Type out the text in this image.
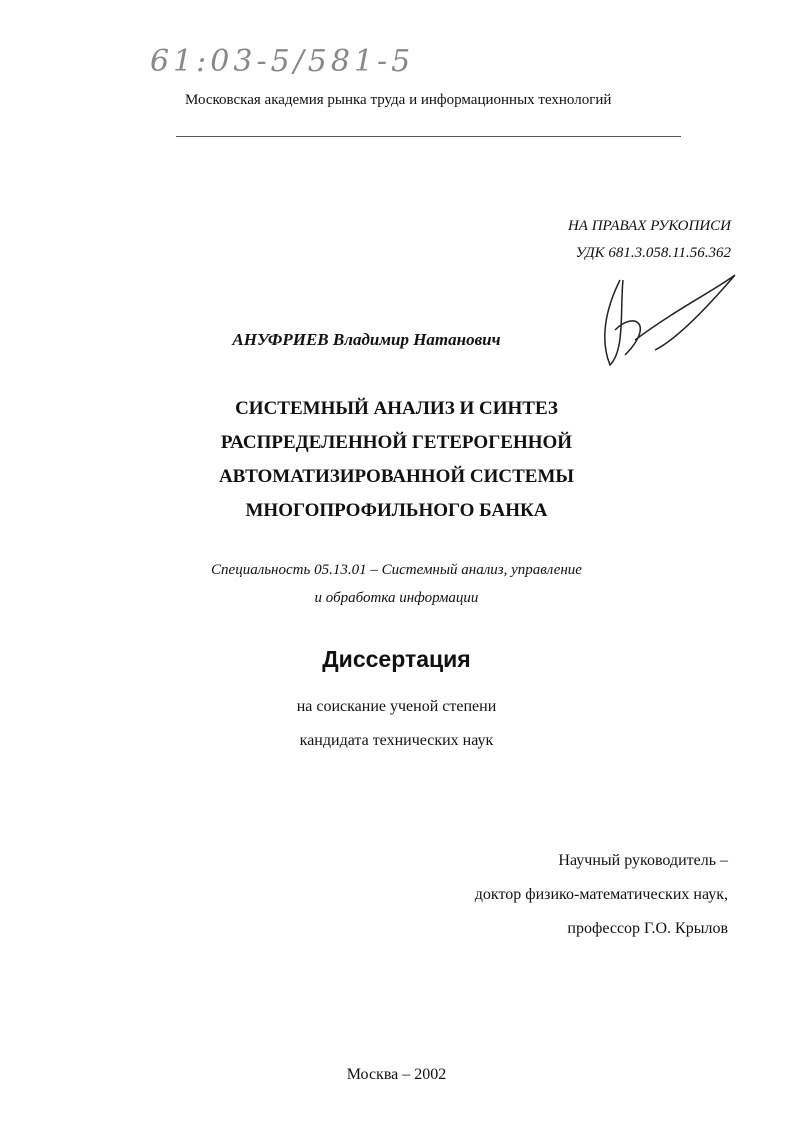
61:03-5/581-5
Московская академия рынка труда и информационных технологий
НА ПРАВАХ РУКОПИСИ
УДК 681.3.058.11.56.362
АНУФРИЕВ Владимир Натанович
СИСТЕМНЫЙ АНАЛИЗ И СИНТЕЗ
РАСПРЕДЕЛЕННОЙ ГЕТЕРОГЕННОЙ
АВТОМАТИЗИРОВАННОЙ СИСТЕМЫ
МНОГОПРОФИЛЬНОГО БАНКА
Специальность 05.13.01 – Системный анализ, управление
и обработка информации
Диссертация
на соискание ученой степени
кандидата технических наук
Научный руководитель –
доктор физико-математических наук,
профессор Г.О. Крылов
Москва – 2002
